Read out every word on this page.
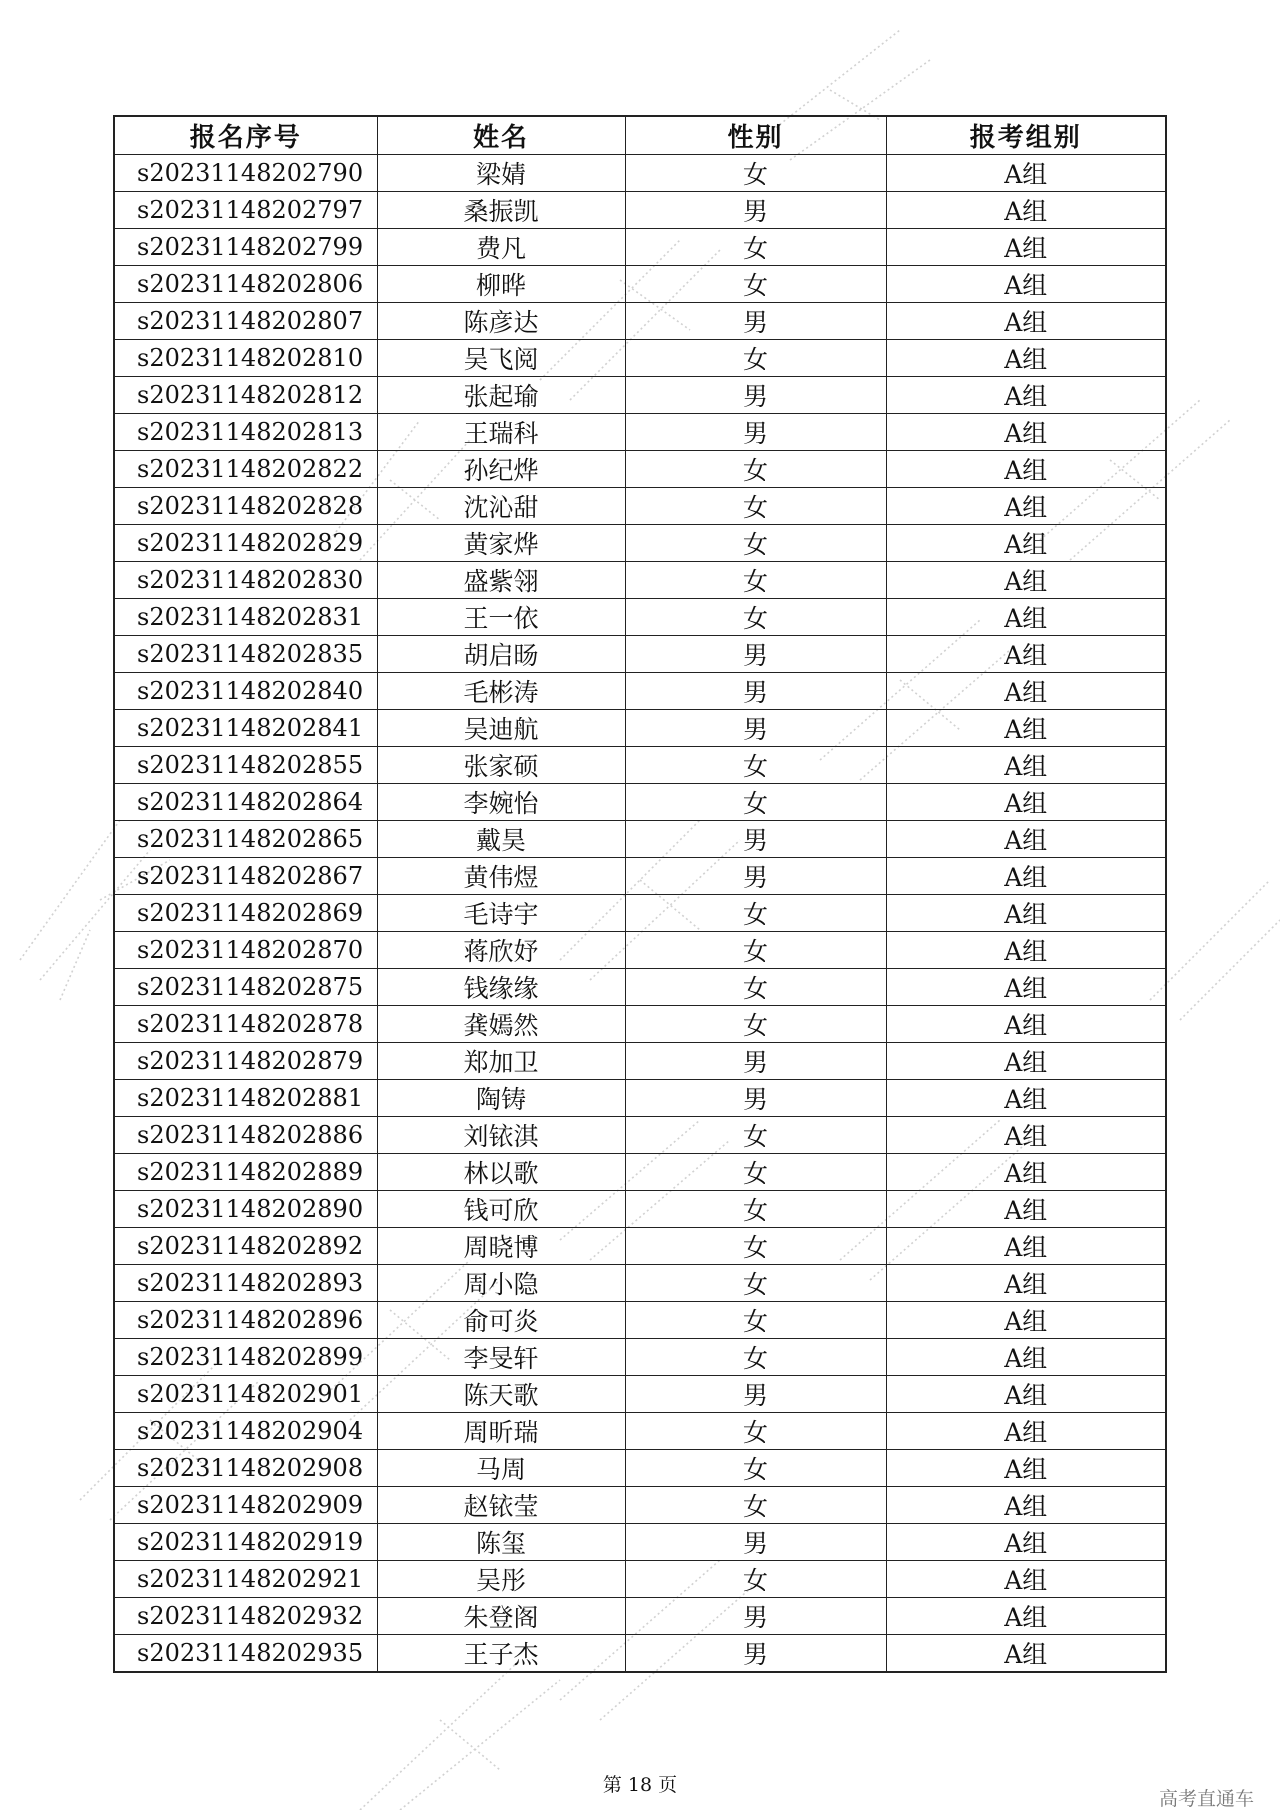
报名序号	姓名	性别	报考组别
s20231148202790	梁婧	女	A组
s20231148202797	桑振凯	男	A组
s20231148202799	费凡	女	A组
s20231148202806	柳晔	女	A组
s20231148202807	陈彦达	男	A组
s20231148202810	吴飞阅	女	A组
s20231148202812	张起瑜	男	A组
s20231148202813	王瑞科	男	A组
s20231148202822	孙纪烨	女	A组
s20231148202828	沈沁甜	女	A组
s20231148202829	黄家烨	女	A组
s20231148202830	盛紫翎	女	A组
s20231148202831	王一依	女	A组
s20231148202835	胡启旸	男	A组
s20231148202840	毛彬涛	男	A组
s20231148202841	吴迪航	男	A组
s20231148202855	张家硕	女	A组
s20231148202864	李婉怡	女	A组
s20231148202865	戴昊	男	A组
s20231148202867	黄伟煜	男	A组
s20231148202869	毛诗宇	女	A组
s20231148202870	蒋欣妤	女	A组
s20231148202875	钱缘缘	女	A组
s20231148202878	龚嫣然	女	A组
s20231148202879	郑加卫	男	A组
s20231148202881	陶铸	男	A组
s20231148202886	刘铱淇	女	A组
s20231148202889	林以歌	女	A组
s20231148202890	钱可欣	女	A组
s20231148202892	周晓博	女	A组
s20231148202893	周小隐	女	A组
s20231148202896	俞可炎	女	A组
s20231148202899	李旻轩	女	A组
s20231148202901	陈天歌	男	A组
s20231148202904	周昕瑞	女	A组
s20231148202908	马周	女	A组
s20231148202909	赵铱莹	女	A组
s20231148202919	陈玺	男	A组
s20231148202921	吴彤	女	A组
s20231148202932	朱登阁	男	A组
s20231148202935	王子杰	男	A组
第 18 页
高考直通车
